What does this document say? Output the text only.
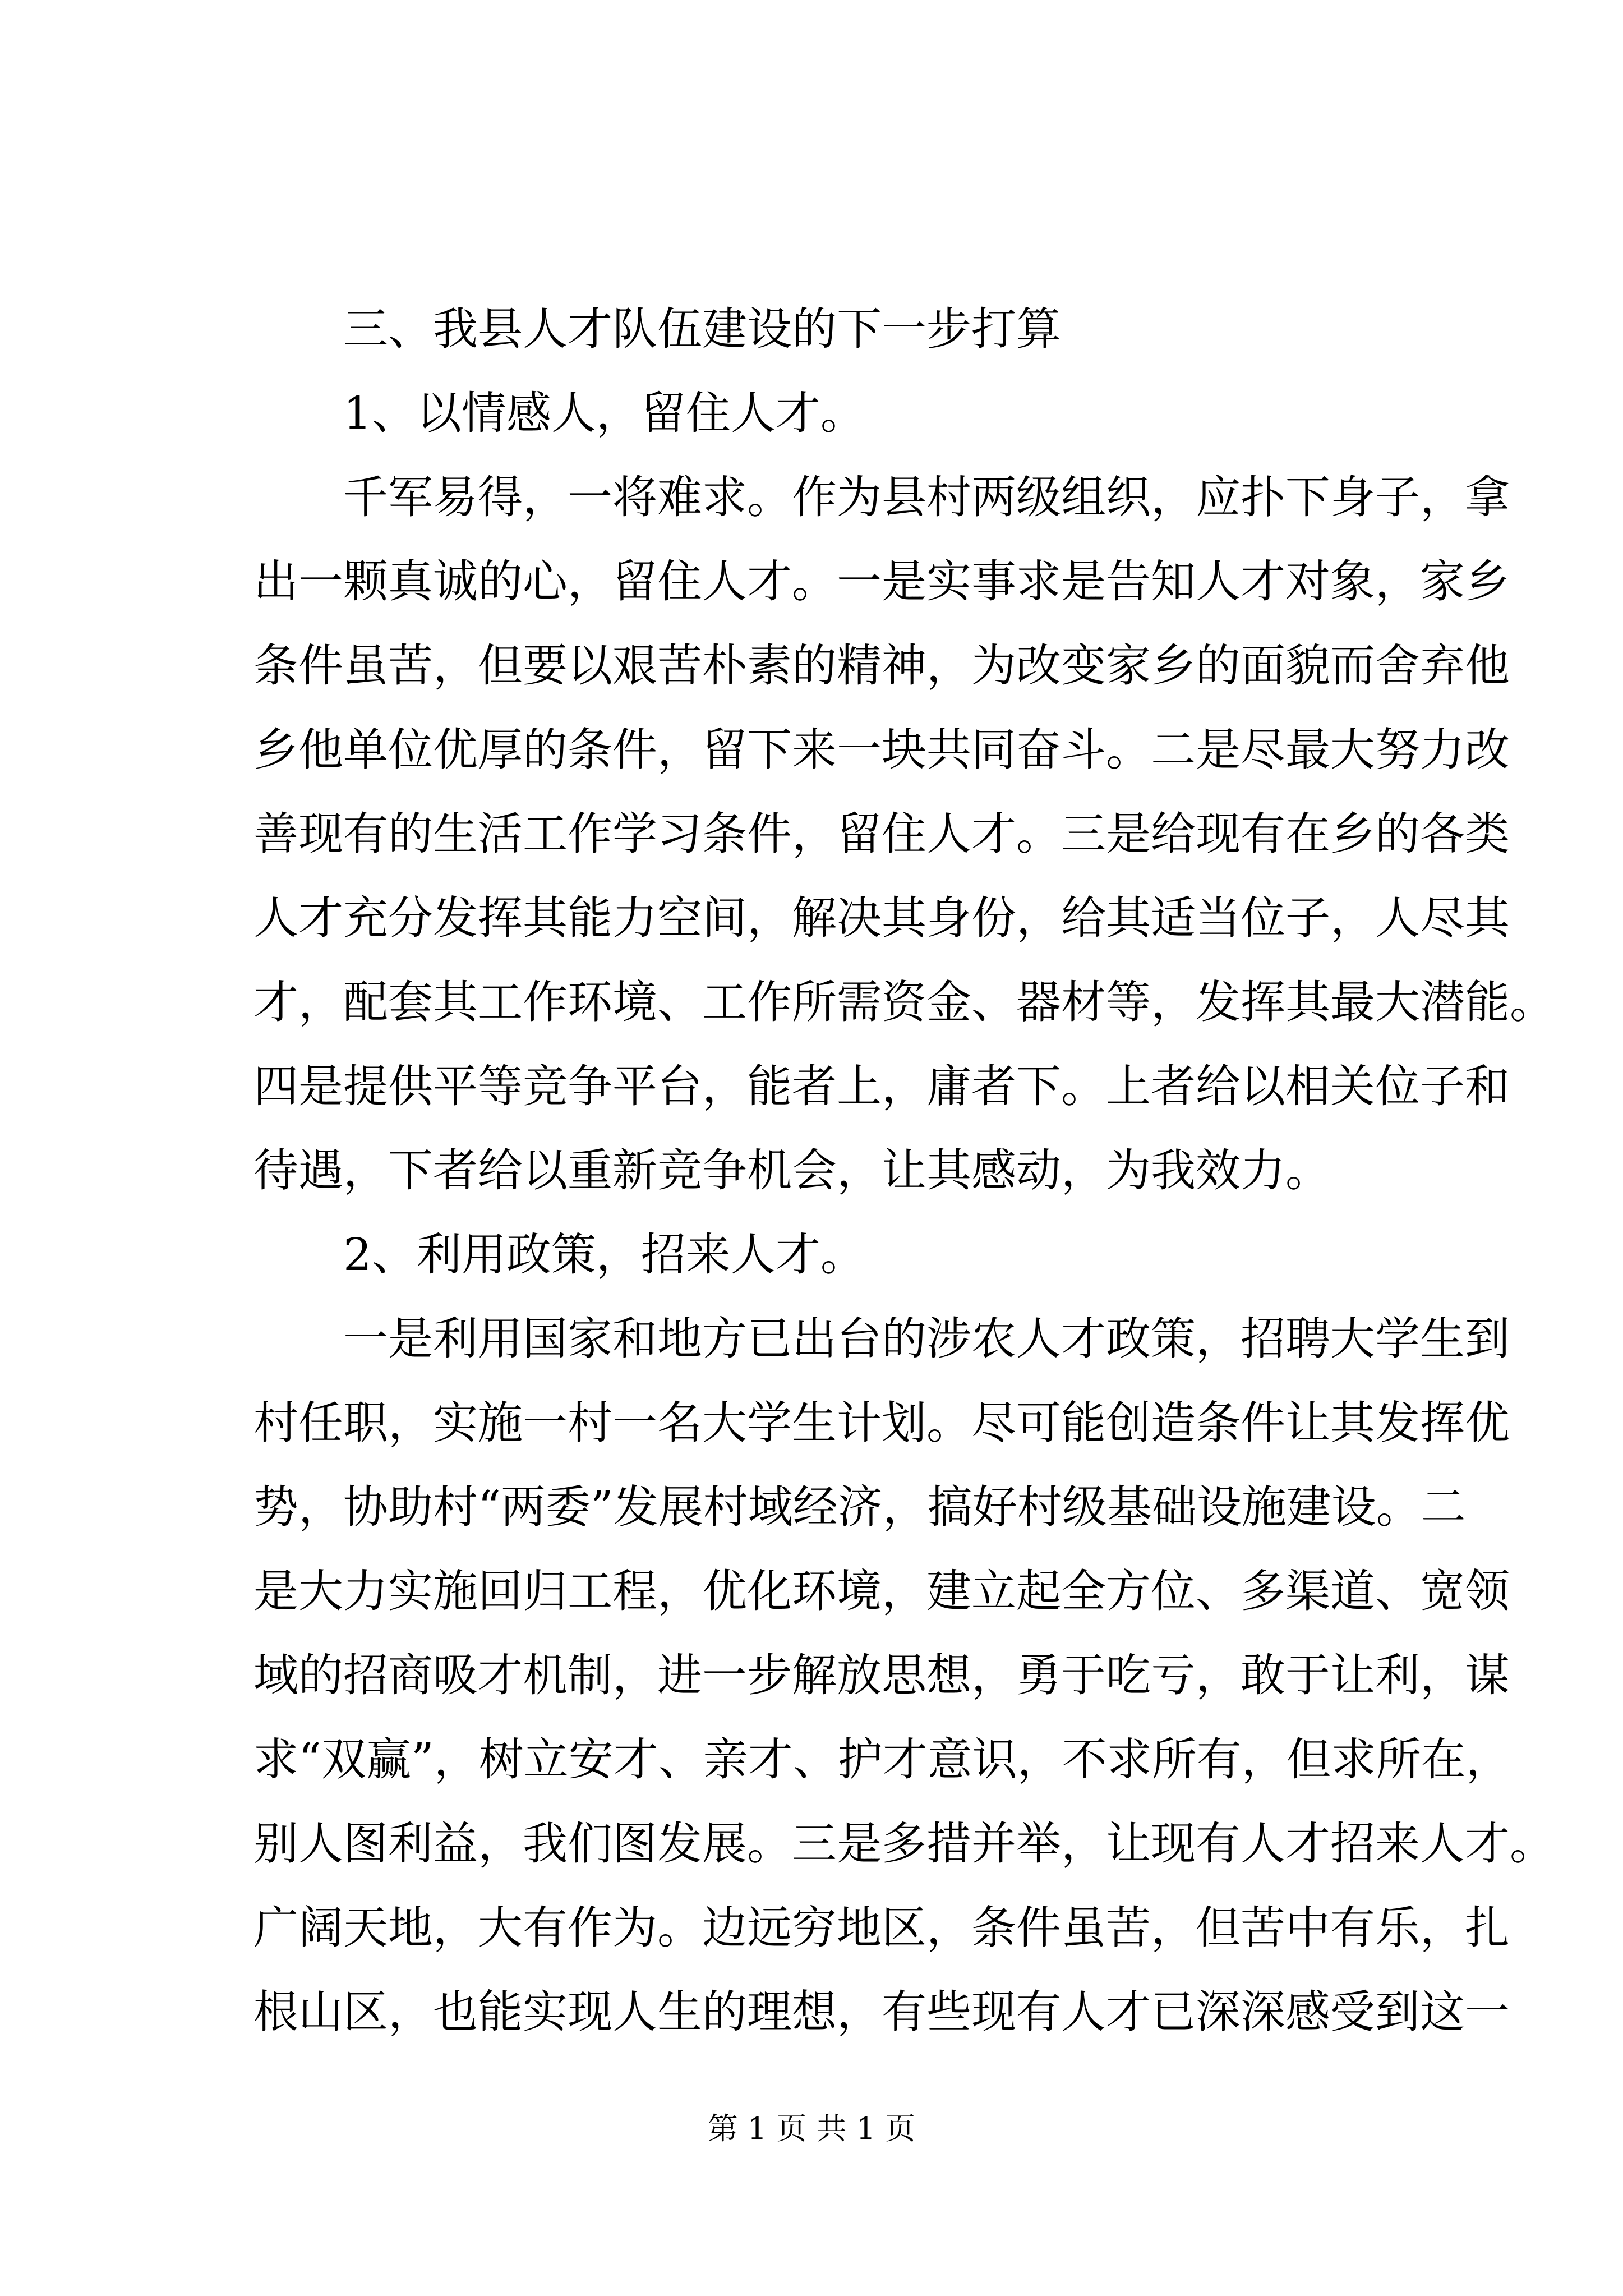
三、我县人才队伍建设的下一步打算
1、以情感人，留住人才。
千军易得，一将难求。作为县村两级组织，应扑下身子，拿
出一颗真诚的心，留住人才。一是实事求是告知人才对象，家乡
条件虽苦，但要以艰苦朴素的精神，为改变家乡的面貌而舍弃他
乡他单位优厚的条件，留下来一块共同奋斗。二是尽最大努力改
善现有的生活工作学习条件，留住人才。三是给现有在乡的各类
人才充分发挥其能力空间，解决其身份，给其适当位子，人尽其
才，配套其工作环境、工作所需资金、器材等，发挥其最大潜能。
四是提供平等竞争平台，能者上，庸者下。上者给以相关位子和
待遇，下者给以重新竞争机会，让其感动，为我效力。
2、利用政策，招来人才。
一是利用国家和地方已出台的涉农人才政策，招聘大学生到
村任职，实施一村一名大学生计划。尽可能创造条件让其发挥优
势，协助村“两委”发展村域经济，搞好村级基础设施建设。二
是大力实施回归工程，优化环境，建立起全方位、多渠道、宽领
域的招商吸才机制，进一步解放思想，勇于吃亏，敢于让利，谋
求“双赢”，树立安才、亲才、护才意识，不求所有，但求所在，
别人图利益，我们图发展。三是多措并举，让现有人才招来人才。
广阔天地，大有作为。边远穷地区，条件虽苦，但苦中有乐，扎
根山区，也能实现人生的理想，有些现有人才已深深感受到这一
第 1 页 共 1 页
